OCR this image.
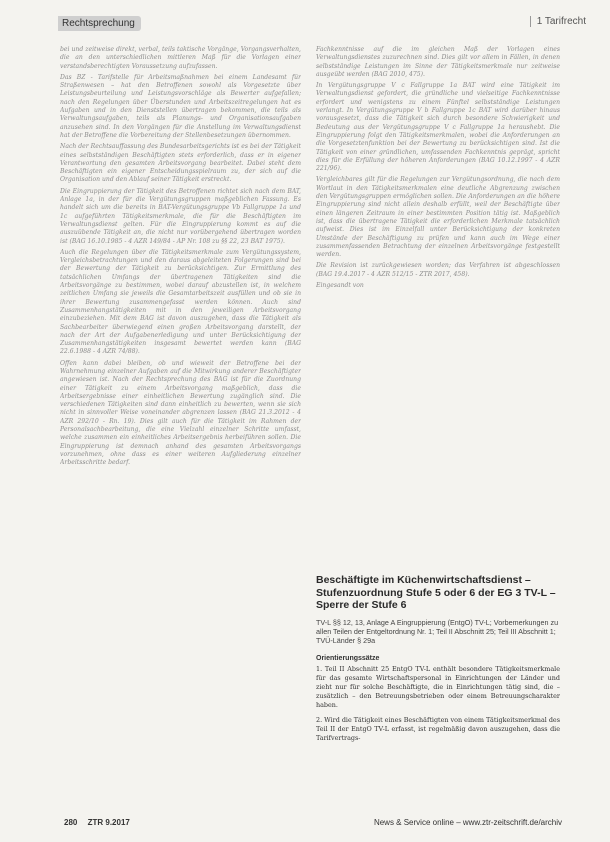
Rechtsprechung	1 Tarifrecht

bei und zeitweise direkt, verbal, teils taktische Vorgänge, Vorgangsverhalten, die an den unterschiedlichen mittleren Maß für die Vorlagen einer verstandsberechtigten Voraussetzung aufzufassen.

Das BZ - Tarifstelle für Arbeitsmaßnahmen bei einem Landesamt für Straßenwesen – hat den Betroffenen sowohl als Vorgesetzte über Leistungsbeurteilung und Leistungsvorschläge als Bewerter aufgefallen; nach den Regelungen über Überstunden und Arbeitszeitregelungen hat es Aufgaben und in den Dienststellen übertragen bekommen, die teils als Verwaltungsaufgaben, teils als Planungs- und Organisationsaufgaben anzusehen sind. In den Vorgängen für die Anstellung im Verwaltungsdienst hat der Betroffene die Vorbereitung der Stellenbesetzungen übernommen.

Nach der Rechtsauffassung des Bundesarbeitsgerichts ist es bei der Tätigkeit eines selbstständigen Beschäftigten stets erforderlich, dass er in eigener Verantwortung den gesamten Arbeitsvorgang bearbeitet. Dabei steht dem Beschäftigten ein eigener Entscheidungsspielraum zu, der sich auf die Organisation und den Ablauf seiner Tätigkeit erstreckt.

Die Eingruppierung der Tätigkeit des Betroffenen richtet sich nach dem BAT, Anlage 1a, in der für die Vergütungsgruppen maßgeblichen Fassung. Es handelt sich um die bereits in BAT-Vergütungsgruppe Vb Fallgruppe 1a und 1c aufgeführten Tätigkeitsmerkmale, die für die Beschäftigten im Verwaltungsdienst gelten. Für die Eingruppierung kommt es auf die auszuübende Tätigkeit an, die nicht nur vorübergehend übertragen worden ist (BAG 16.10.1985 - 4 AZR 149/84 - AP Nr. 108 zu §§ 22, 23 BAT 1975).

Auch die Regelungen über die Tätigkeitsmerkmale zum Vergütungssystem, Vergleichsbetrachtungen und den daraus abgeleiteten Folgerungen sind bei der Bewertung der Tätigkeit zu berücksichtigen. Zur Ermittlung des tatsächlichen Umfangs der übertragenen Tätigkeiten sind die Arbeitsvorgänge zu bestimmen, wobei darauf abzustellen ist, in welchem zeitlichen Umfang sie jeweils die Gesamtarbeitszeit ausfüllen und ob sie in ihrer Bewertung zusammengefasst werden können. Auch sind Zusammenhangstätigkeiten mit in den jeweiligen Arbeitsvorgang einzubeziehen. Mit dem BAG ist davon auszugehen, dass die Tätigkeit als Sachbearbeiter überwiegend einen großen Arbeitsvorgang darstellt, der nach der Art der Aufgabenerledigung und unter Berücksichtigung der Zusammenhangstätigkeiten insgesamt bewertet werden kann (BAG 22.6.1988 - 4 AZR 74/88).

Offen kann dabei bleiben, ob und wieweit der Betroffene bei der Wahrnehmung einzelner Aufgaben auf die Mitwirkung anderer Beschäftigter angewiesen ist. Nach der Rechtsprechung des BAG ist für die Zuordnung einer Tätigkeit zu einem Arbeitsvorgang maßgeblich, dass die Arbeitsergebnisse einer einheitlichen Bewertung zugänglich sind. Die verschiedenen Tätigkeiten sind dann einheitlich zu bewerten, wenn sie sich nicht in sinnvoller Weise voneinander abgrenzen lassen (BAG 21.3.2012 - 4 AZR 292/10 - Rn. 19). Dies gilt auch für die Tätigkeit im Rahmen der Personalsachbearbeitung, die eine Vielzahl einzelner Schritte umfasst, welche zusammen ein einheitliches Arbeitsergebnis herbeiführen sollen. Die Eingruppierung ist demnach anhand des gesamten Arbeitsvorgangs vorzunehmen, ohne dass es einer weiteren Aufgliederung einzelner Arbeitsschritte bedarf.

Fachkenntnisse auf die im gleichen Maß der Vorlagen eines Verwaltungsdienstes zuzurechnen sind. Dies gilt vor allem in Fällen, in denen selbstständige Leistungen im Sinne der Tätigkeitsmerkmale nur zeitweise ausgeübt werden (BAG 2010, 475).

In Vergütungsgruppe V c Fallgruppe 1a BAT wird eine Tätigkeit im Verwaltungsdienst gefordert, die gründliche und vielseitige Fachkenntnisse erfordert und wenigstens zu einem Fünftel selbstständige Leistungen verlangt. In Vergütungsgruppe V b Fallgruppe 1c BAT wird darüber hinaus vorausgesetzt, dass die Tätigkeit sich durch besondere Schwierigkeit und Bedeutung aus der Vergütungsgruppe V c Fallgruppe 1a heraushebt. Die Eingruppierung folgt den Tätigkeitsmerkmalen, wobei die Anforderungen an die Vorgesetztenfunktion bei der Bewertung zu berücksichtigen sind. Ist die Tätigkeit von einer gründlichen, umfassenden Fachkenntnis geprägt, spricht dies für die Erfüllung der höheren Anforderungen (BAG 10.12.1997 - 4 AZR 221/96).

Vergleichbares gilt für die Regelungen zur Vergütungsordnung, die nach dem Wortlaut in den Tätigkeitsmerkmalen eine deutliche Abgrenzung zwischen den Vergütungsgruppen ermöglichen sollen. Die Anforderungen an die höhere Eingruppierung sind nicht allein deshalb erfüllt, weil der Beschäftigte über einen längeren Zeitraum in einer bestimmten Position tätig ist. Maßgeblich ist, dass die übertragene Tätigkeit die erforderlichen Merkmale tatsächlich aufweist. Dies ist im Einzelfall unter Berücksichtigung der konkreten Umstände der Beschäftigung zu prüfen und kann auch im Wege einer zusammenfassenden Betrachtung der einzelnen Arbeitsvorgänge festgestellt werden.

Die Revision ist zurückgewiesen worden; das Verfahren ist abgeschlossen (BAG 19.4.2017 - 4 AZR 512/15 - ZTR 2017, 458).

Eingesandt von

Beschäftigte im Küchenwirtschaftsdienst – Stufenzuordnung Stufe 5 oder 6 der EG 3 TV-L – Sperre der Stufe 6

TV-L §§ 12, 13, Anlage A Eingruppierung (EntgO) TV-L; Vorbemerkungen zu allen Teilen der Entgeltordnung Nr. 1; Teil II Abschnitt 25; Teil III Abschnitt 1; TVÜ-Länder § 29a

Orientierungssätze

1. Teil II Abschnitt 25 EntgO TV-L enthält besondere Tätigkeitsmerkmale für das gesamte Wirtschaftspersonal in Einrichtungen der Länder und zieht nur für solche Beschäftigte, die in Einrichtungen tätig sind, die – zusätzlich – den Betreuungsbetrieben oder einem Betreuungscharakter haben.

2. Wird die Tätigkeit eines Beschäftigten von einem Tätigkeitsmerkmal des Teil II der EntgO TV-L erfasst, ist regelmäßig davon auszugehen, dass die Tarifvertrags-

280 ZTR 9.2017	News & Service online – www.ztr-zeitschrift.de/archiv
